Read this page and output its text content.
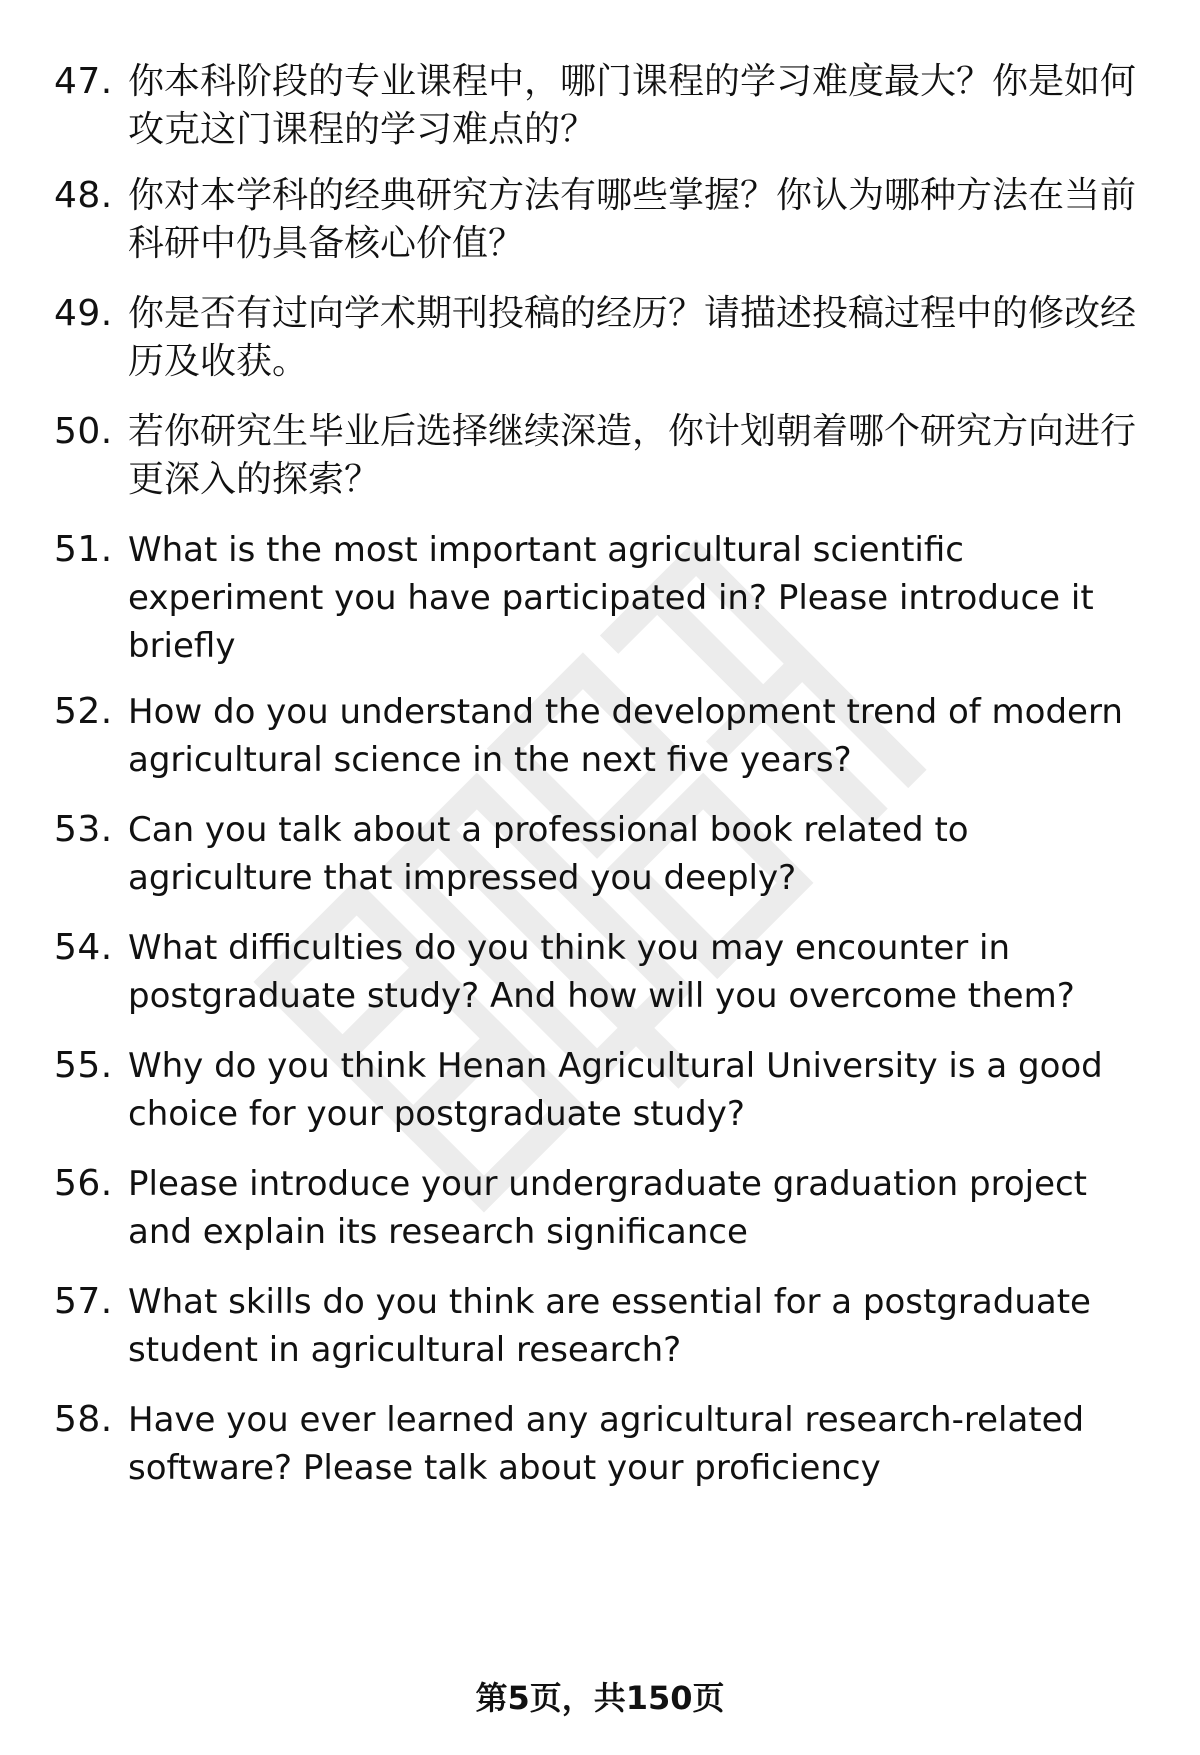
47. 你本科阶段的专业课程中，哪门课程的学习难度最大？你是如何
攻克这门课程的学习难点的？
48. 你对本学科的经典研究方法有哪些掌握？你认为哪种方法在当前
科研中仍具备核心价值？
49. 你是否有过向学术期刊投稿的经历？请描述投稿过程中的修改经
历及收获。
50. 若你研究生毕业后选择继续深造，你计划朝着哪个研究方向进行
更深入的探索？
51. What is the most important agricultural scientific
experiment you have participated in? Please introduce it
briefly
52. How do you understand the development trend of modern
agricultural science in the next five years?
53. Can you talk about a professional book related to
agriculture that impressed you deeply?
54. What difficulties do you think you may encounter in
postgraduate study? And how will you overcome them?
55. Why do you think Henan Agricultural University is a good
choice for your postgraduate study?
56. Please introduce your undergraduate graduation project
and explain its research significance
57. What skills do you think are essential for a postgraduate
student in agricultural research?
58. Have you ever learned any agricultural research-related
software? Please talk about your proficiency
第5页，共150页
